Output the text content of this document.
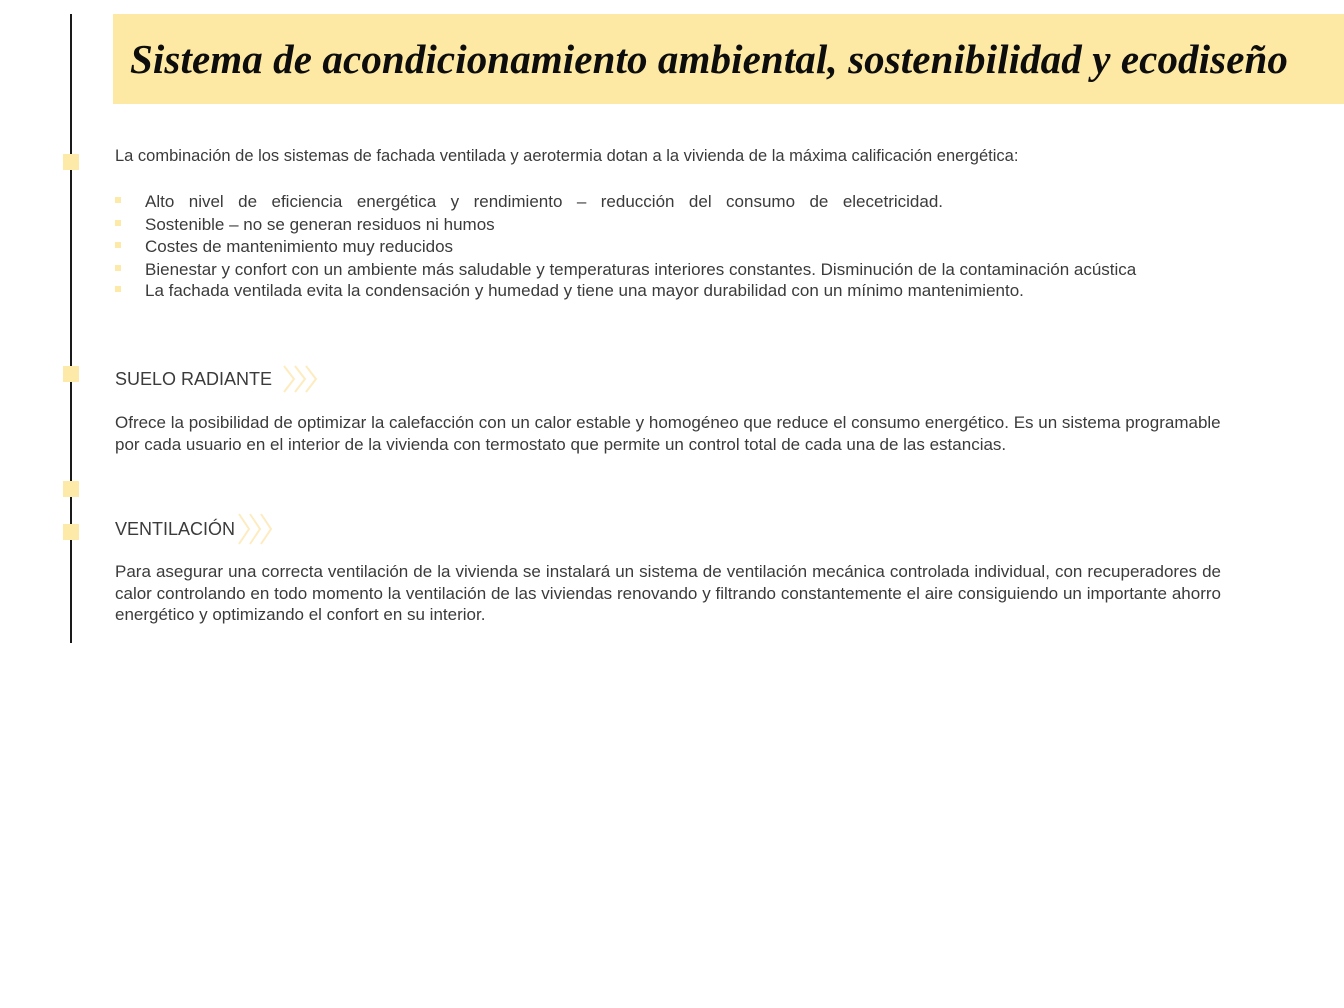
Sistema de acondicionamiento ambiental, sostenibilidad y ecodiseño

La combinación de los sistemas de fachada ventilada y aerotermia dotan a la vivienda de la máxima calificación energética:

Alto nivel de eficiencia energética y rendimiento – reducción del consumo de elecetricidad.
Sostenible – no se generan residuos ni humos
Costes de mantenimiento muy reducidos
Bienestar y confort con un ambiente más saludable y temperaturas interiores constantes. Disminución de la contaminación acústica
La fachada ventilada evita la condensación y humedad y tiene una mayor durabilidad con un mínimo mantenimiento.
SUELO RADIANTE

Ofrece la posibilidad de optimizar la calefacción con un calor estable y homogéneo que reduce el consumo energético. Es un sistema programable por cada usuario en el interior de la vivienda con termostato que permite un control total de cada una de las estancias.

VENTILACIÓN

Para asegurar una correcta ventilación de la vivienda se instalará un sistema de ventilación mecánica controlada individual, con recuperadores de calor controlando en todo momento la ventilación de las viviendas renovando y filtrando constantemente el aire consiguiendo un importante ahorro energético y optimizando el confort en su interior.
